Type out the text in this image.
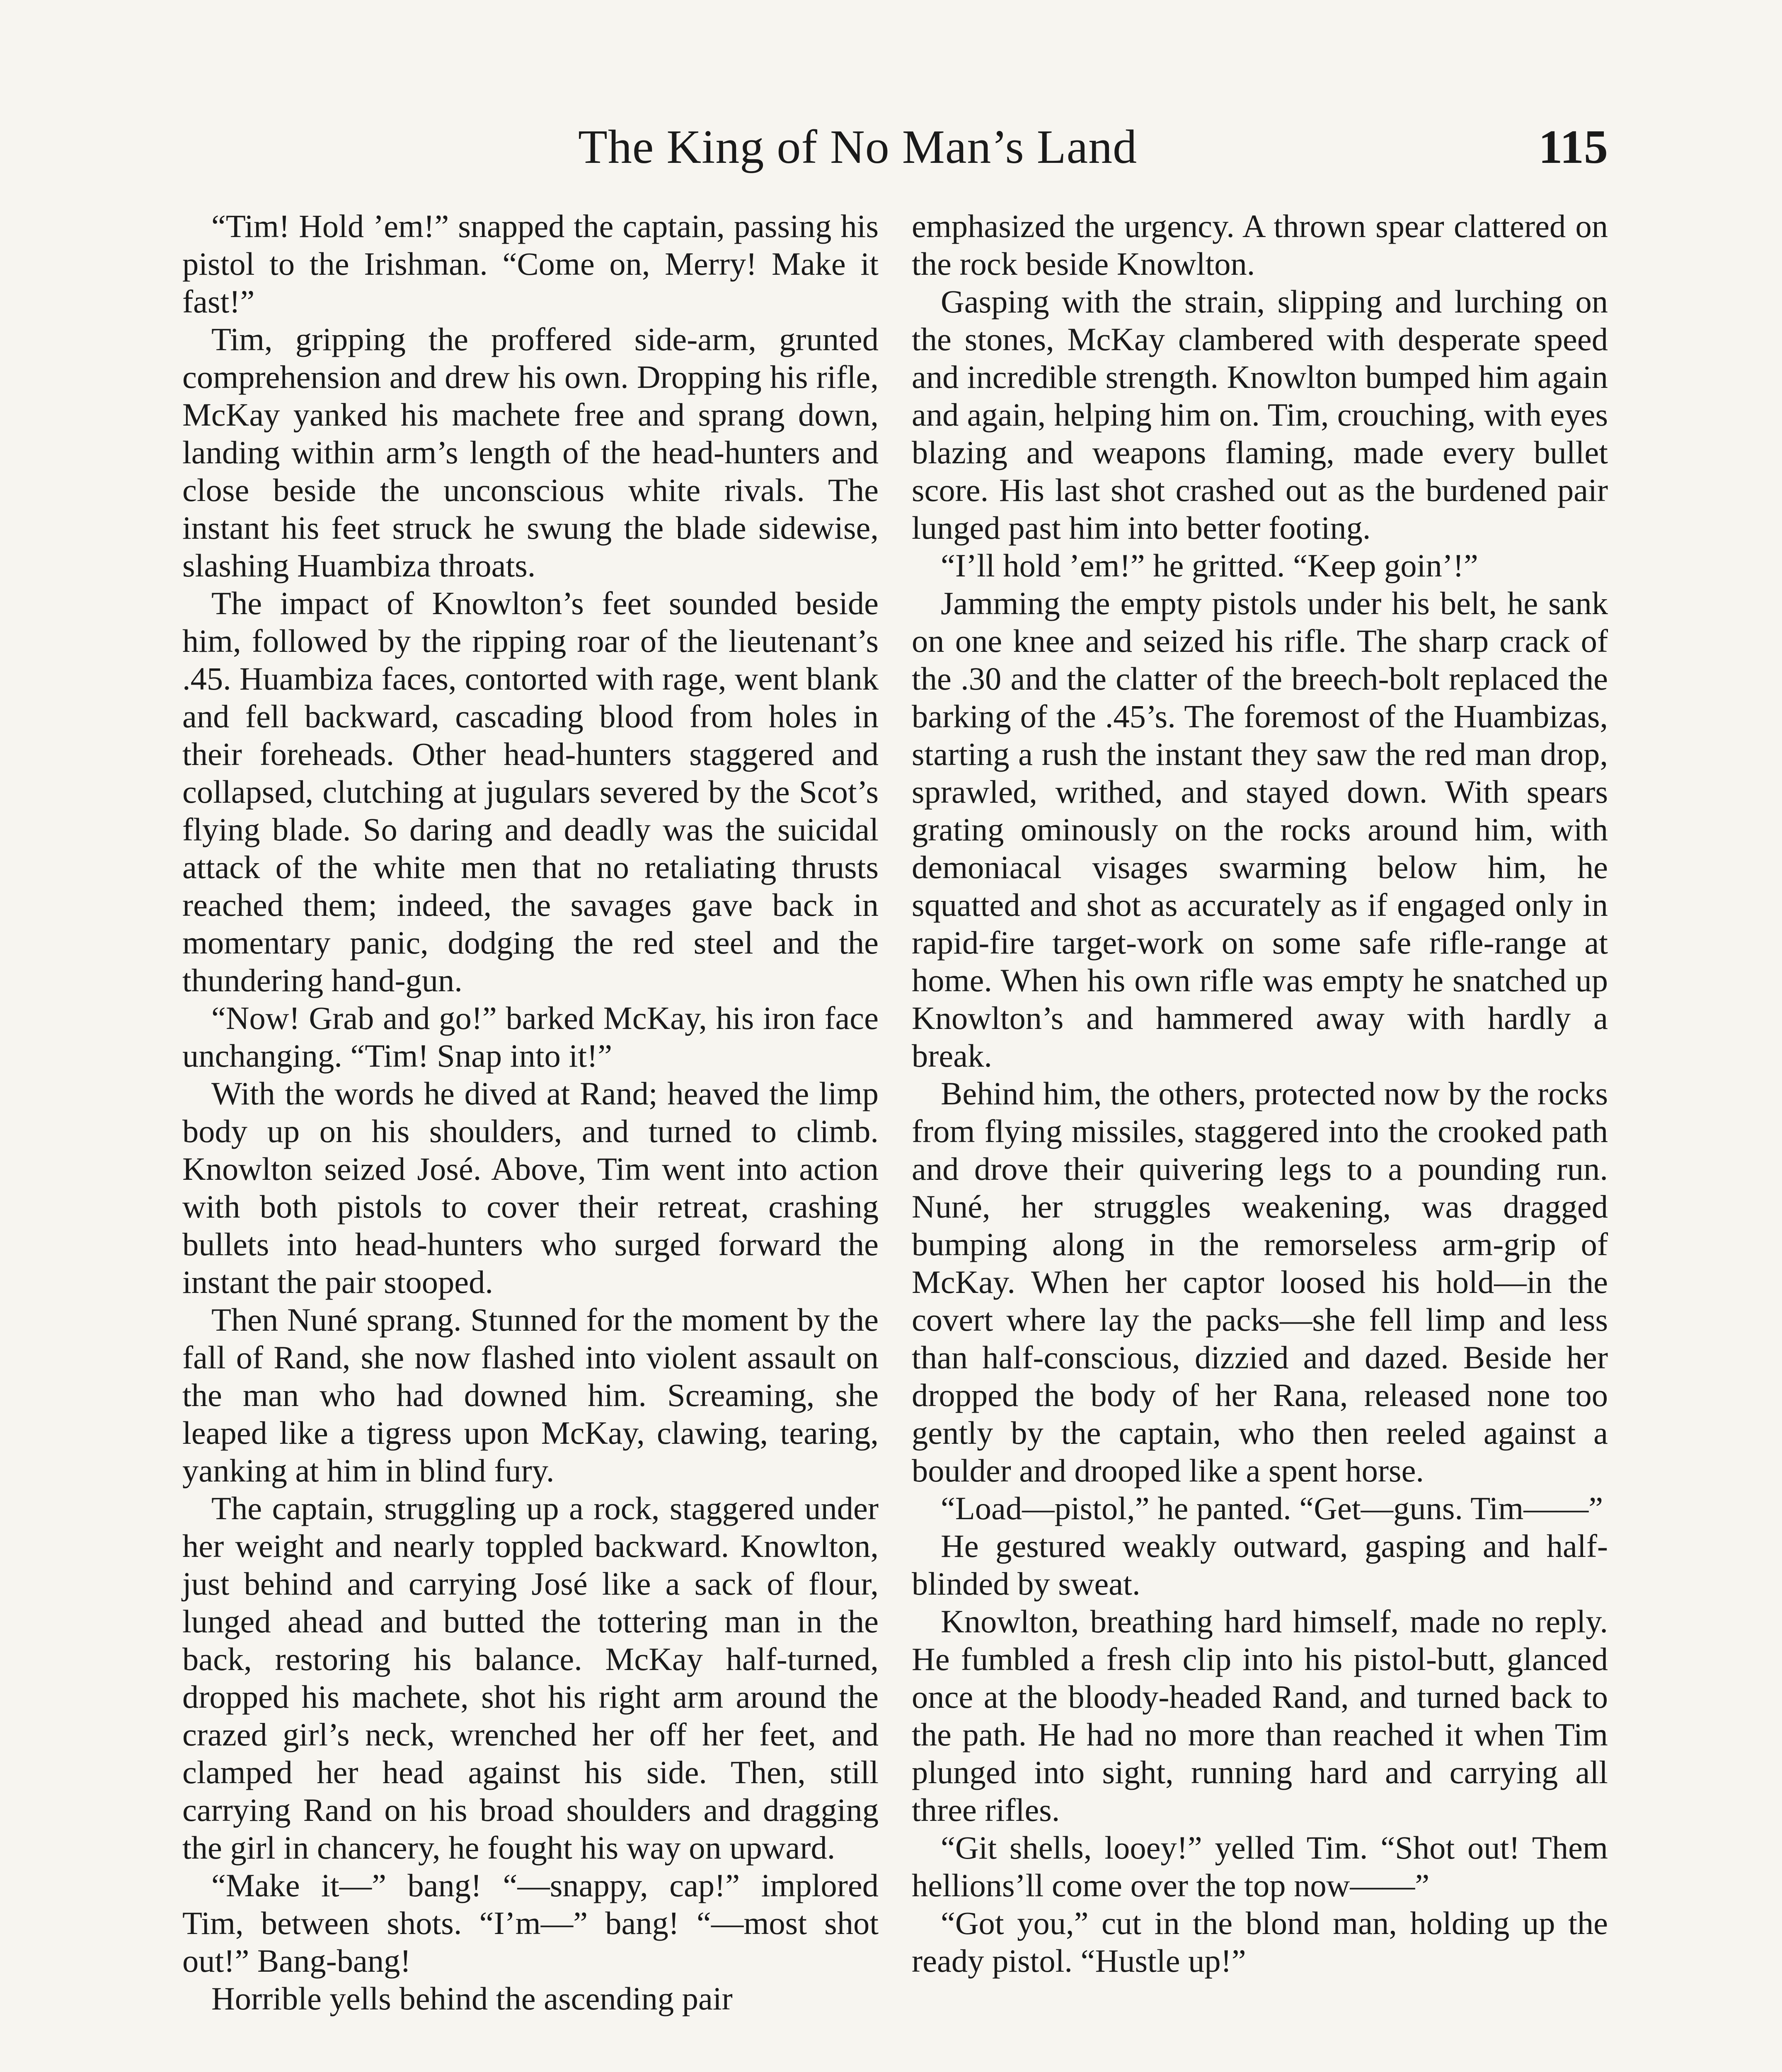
The King of No Man’s Land	115

“Tim! Hold ’em!” snapped the captain, passing his pistol to the Irishman. “Come on, Merry! Make it fast!”

Tim, gripping the proffered side-arm, grunted comprehension and drew his own. Dropping his rifle, McKay yanked his machete free and sprang down, landing within arm’s length of the head-hunters and close beside the unconscious white rivals. The instant his feet struck he swung the blade sidewise, slashing Huambiza throats.

The impact of Knowlton’s feet sounded beside him, followed by the ripping roar of the lieutenant’s .45. Huambiza faces, contorted with rage, went blank and fell backward, cascading blood from holes in their foreheads. Other head-hunters staggered and collapsed, clutching at jugulars severed by the Scot’s flying blade. So daring and deadly was the suicidal attack of the white men that no retaliating thrusts reached them; indeed, the savages gave back in momentary panic, dodging the red steel and the thundering hand-gun.

“Now! Grab and go!” barked McKay, his iron face unchanging. “Tim! Snap into it!”

With the words he dived at Rand; heaved the limp body up on his shoulders, and turned to climb. Knowlton seized José. Above, Tim went into action with both pistols to cover their retreat, crashing bullets into head-hunters who surged forward the instant the pair stooped.

Then Nuné sprang. Stunned for the moment by the fall of Rand, she now flashed into violent assault on the man who had downed him. Screaming, she leaped like a tigress upon McKay, clawing, tearing, yanking at him in blind fury.

The captain, struggling up a rock, staggered under her weight and nearly toppled backward. Knowlton, just behind and carrying José like a sack of flour, lunged ahead and butted the tottering man in the back, restoring his balance. McKay half-turned, dropped his machete, shot his right arm around the crazed girl’s neck, wrenched her off her feet, and clamped her head against his side. Then, still carrying Rand on his broad shoulders and dragging the girl in chancery, he fought his way on upward.

“Make it—” bang! “—snappy, cap!” implored Tim, between shots. “I’m—” bang! “—most shot out!” Bang-bang!

Horrible yells behind the ascending pair

emphasized the urgency. A thrown spear clattered on the rock beside Knowlton.

Gasping with the strain, slipping and lurching on the stones, McKay clambered with desperate speed and incredible strength. Knowlton bumped him again and again, helping him on. Tim, crouching, with eyes blazing and weapons flaming, made every bullet score. His last shot crashed out as the burdened pair lunged past him into better footing.

“I’ll hold ’em!” he gritted. “Keep goin’!”

Jamming the empty pistols under his belt, he sank on one knee and seized his rifle. The sharp crack of the .30 and the clatter of the breech-bolt replaced the barking of the .45’s. The foremost of the Huambizas, starting a rush the instant they saw the red man drop, sprawled, writhed, and stayed down. With spears grating ominously on the rocks around him, with demoniacal visages swarming below him, he squatted and shot as accurately as if engaged only in rapid-fire target-work on some safe rifle-range at home. When his own rifle was empty he snatched up Knowlton’s and hammered away with hardly a break.

Behind him, the others, protected now by the rocks from flying missiles, staggered into the crooked path and drove their quivering legs to a pounding run. Nuné, her struggles weakening, was dragged bumping along in the remorseless arm-grip of McKay. When her captor loosed his hold—in the covert where lay the packs—she fell limp and less than half-conscious, dizzied and dazed. Beside her dropped the body of her Rana, released none too gently by the captain, who then reeled against a boulder and drooped like a spent horse.

“Load—pistol,” he panted. “Get—guns. Tim——”

He gestured weakly outward, gasping and half-blinded by sweat.

Knowlton, breathing hard himself, made no reply. He fumbled a fresh clip into his pistol-butt, glanced once at the bloody-headed Rand, and turned back to the path. He had no more than reached it when Tim plunged into sight, running hard and carrying all three rifles.

“Git shells, looey!” yelled Tim. “Shot out! Them hellions’ll come over the top now——”

“Got you,” cut in the blond man, holding up the ready pistol. “Hustle up!”
